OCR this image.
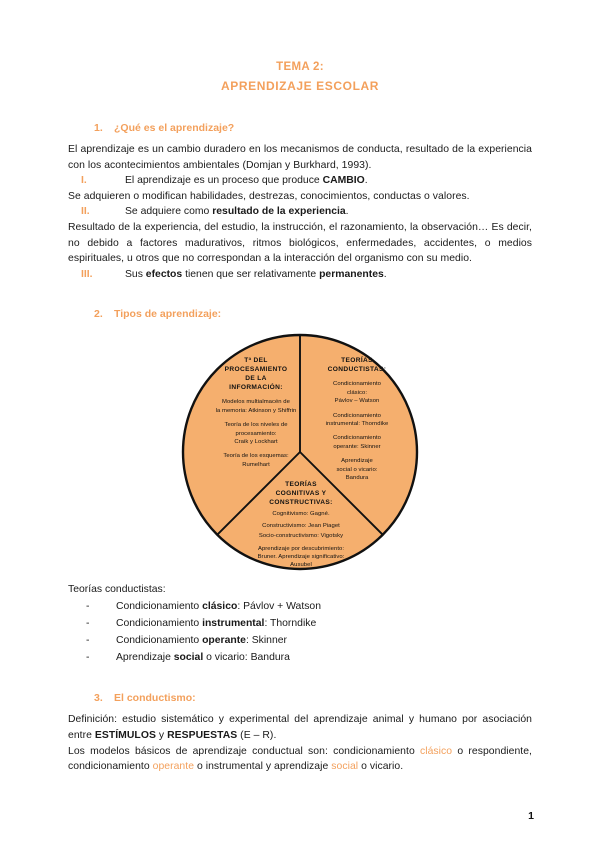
TEMA 2:
APRENDIZAJE ESCOLAR
1. ¿Qué es el aprendizaje?

El aprendizaje es un cambio duradero en los mecanismos de conducta, resultado de la experiencia con los acontecimientos ambientales (Domjan y Burkhard, 1993).

I.	El aprendizaje es un proceso que produce CAMBIO.

Se adquieren o modifican habilidades, destrezas, conocimientos, conductas o valores.

II.	Se adquiere como resultado de la experiencia.

Resultado de la experiencia, del estudio, la instrucción, el razonamiento, la observación… Es decir, no debido a factores madurativos, ritmos biológicos, enfermedades, accidentes, o medios espirituales, u otros que no correspondan a la interacción del organismo con su medio.

III.	Sus efectos tienen que ser relativamente permanentes.
2. Tipos de aprendizaje:
Tª DEL
PROCESAMIENTO
DE LA
INFORMACIÓN:
Modelos multialmacén de
la memoria: Atkinson y Shiffrin
Teoría de los niveles de
procesamiento:
Craik y Lockhart
Teoría de los esquemas:
Rumelhart
TEORÍAS
CONDUCTISTAS:
Condicionamiento
clásico:
Pávlov – Watson
Condicionamiento
instrumental: Thorndike
Condicionamiento
operante: Skinner
Aprendizaje
social o vicario:
Bandura
TEORÍAS
COGNITIVAS Y
CONSTRUCTIVAS:
Cognitivismo: Gagné.
Constructivismo: Jean Piaget
Socio-constructivismo: Vigotsky
Aprendizaje por descubrimiento:
Bruner. Aprendizaje significativo:
Ausubel
Teorías conductistas:
-	Condicionamiento clásico: Pávlov + Watson
-	Condicionamiento instrumental: Thorndike
-	Condicionamiento operante: Skinner
-	Aprendizaje social o vicario: Bandura
3. El conductismo:

Definición: estudio sistemático y experimental del aprendizaje animal y humano por asociación entre ESTÍMULOS y RESPUESTAS (E – R).

Los modelos básicos de aprendizaje conductual son: condicionamiento clásico o respondiente, condicionamiento operante o instrumental y aprendizaje social o vicario.

1
